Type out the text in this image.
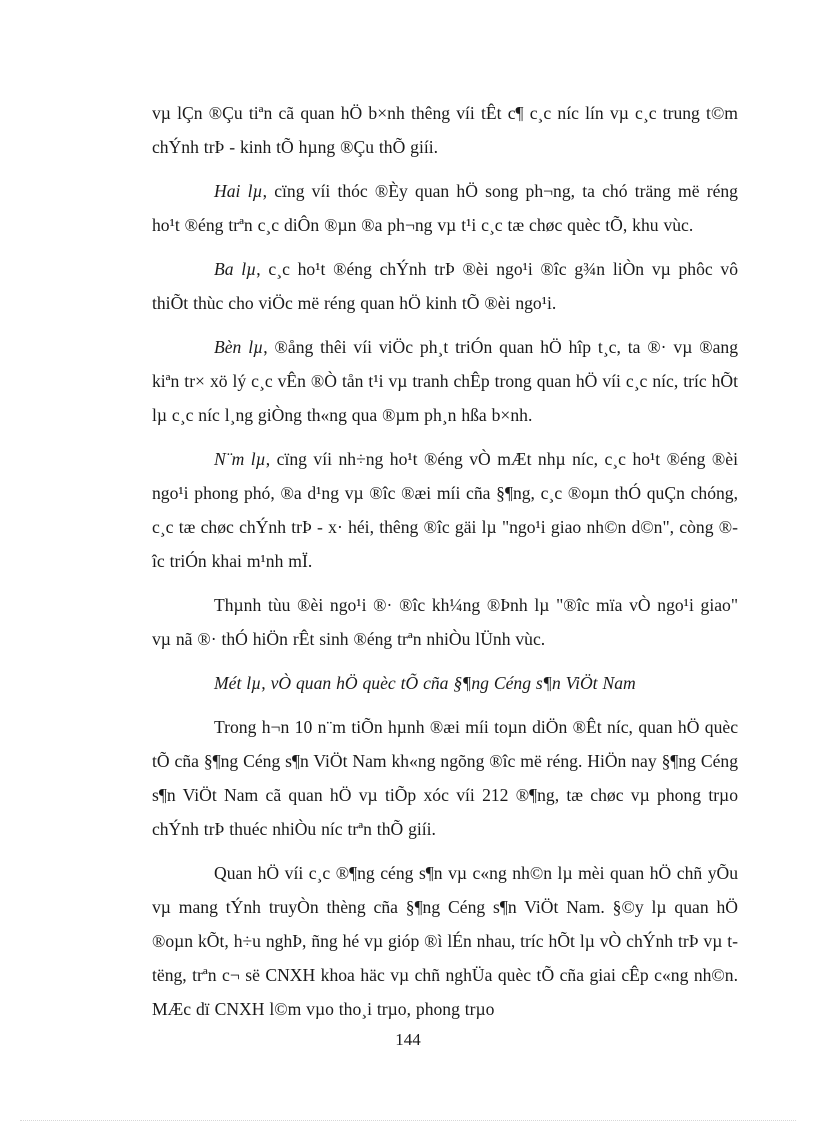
vµ lÇn ®Çu tiªn cã quan hÖ b×nh thêng víi tÊt c¶ c¸c níc lín vµ c¸c trung t©m chÝnh trÞ - kinh tÕ hµng ®Çu thÕ giíi.

Hai lµ, cïng víi thóc ®Èy quan hÖ song ph¬ng, ta chó träng më réng ho¹t ®éng trªn c¸c diÔn ®µn ®a ph¬ng vµ t¹i c¸c tæ chøc quèc tÕ, khu vùc.

Ba lµ, c¸c ho¹t ®éng chÝnh trÞ ®èi ngo¹i ®îc g¾n liÒn vµ phôc vô thiÕt thùc cho viÖc më réng quan hÖ kinh tÕ ®èi ngo¹i.

Bèn lµ, ®ång thêi víi viÖc ph¸t triÓn quan hÖ hîp t¸c, ta ®· vµ ®ang kiªn tr× xö lý c¸c vÊn ®Ò tån t¹i vµ tranh chÊp trong quan hÖ víi c¸c níc, tríc hÕt lµ c¸c níc l¸ng giÒng th«ng qua ®µm ph¸n hßa b×nh.

N¨m lµ, cïng víi nh÷ng ho¹t ®éng vÒ mÆt nhµ níc, c¸c ho¹t ®éng ®èi ngo¹i phong phó, ®a d¹ng vµ ®îc ®æi míi cña §¶ng, c¸c ®oµn thÓ quÇn chóng, c¸c tæ chøc chÝnh trÞ - x· héi, thêng ®îc gäi lµ "ngo¹i giao nh©n d©n", còng ®îc triÓn khai m¹nh mÏ.

Thµnh tùu ®èi ngo¹i ®· ®îc kh¼ng ®Þnh lµ "®îc mïa vÒ ngo¹i giao" vµ nã ®· thÓ hiÖn rÊt sinh ®éng trªn nhiÒu lÜnh vùc.

Mét lµ, vÒ quan hÖ quèc tÕ cña §¶ng Céng s¶n ViÖt Nam

Trong h¬n 10 n¨m tiÕn hµnh ®æi míi toµn diÖn ®Êt níc, quan hÖ quèc tÕ cña §¶ng Céng s¶n ViÖt Nam kh«ng ngõng ®îc më réng. HiÖn nay §¶ng Céng s¶n ViÖt Nam cã quan hÖ vµ tiÕp xóc víi 212 ®¶ng, tæ chøc vµ phong trµo chÝnh trÞ thuéc nhiÒu níc trªn thÕ giíi.

Quan hÖ víi c¸c ®¶ng céng s¶n vµ c«ng nh©n lµ mèi quan hÖ chñ yÕu vµ mang tÝnh truyÒn thèng cña §¶ng Céng s¶n ViÖt Nam. §©y lµ quan hÖ ®oµn kÕt, h÷u nghÞ, ñng hé vµ gióp ®ì lÉn nhau, tríc hÕt lµ vÒ chÝnh trÞ vµ t tëng, trªn c¬ së CNXH khoa häc vµ chñ nghÜa quèc tÕ cña giai cÊp c«ng nh©n. MÆc dï CNXH l©m vµo tho¸i trµo, phong trµo

144
